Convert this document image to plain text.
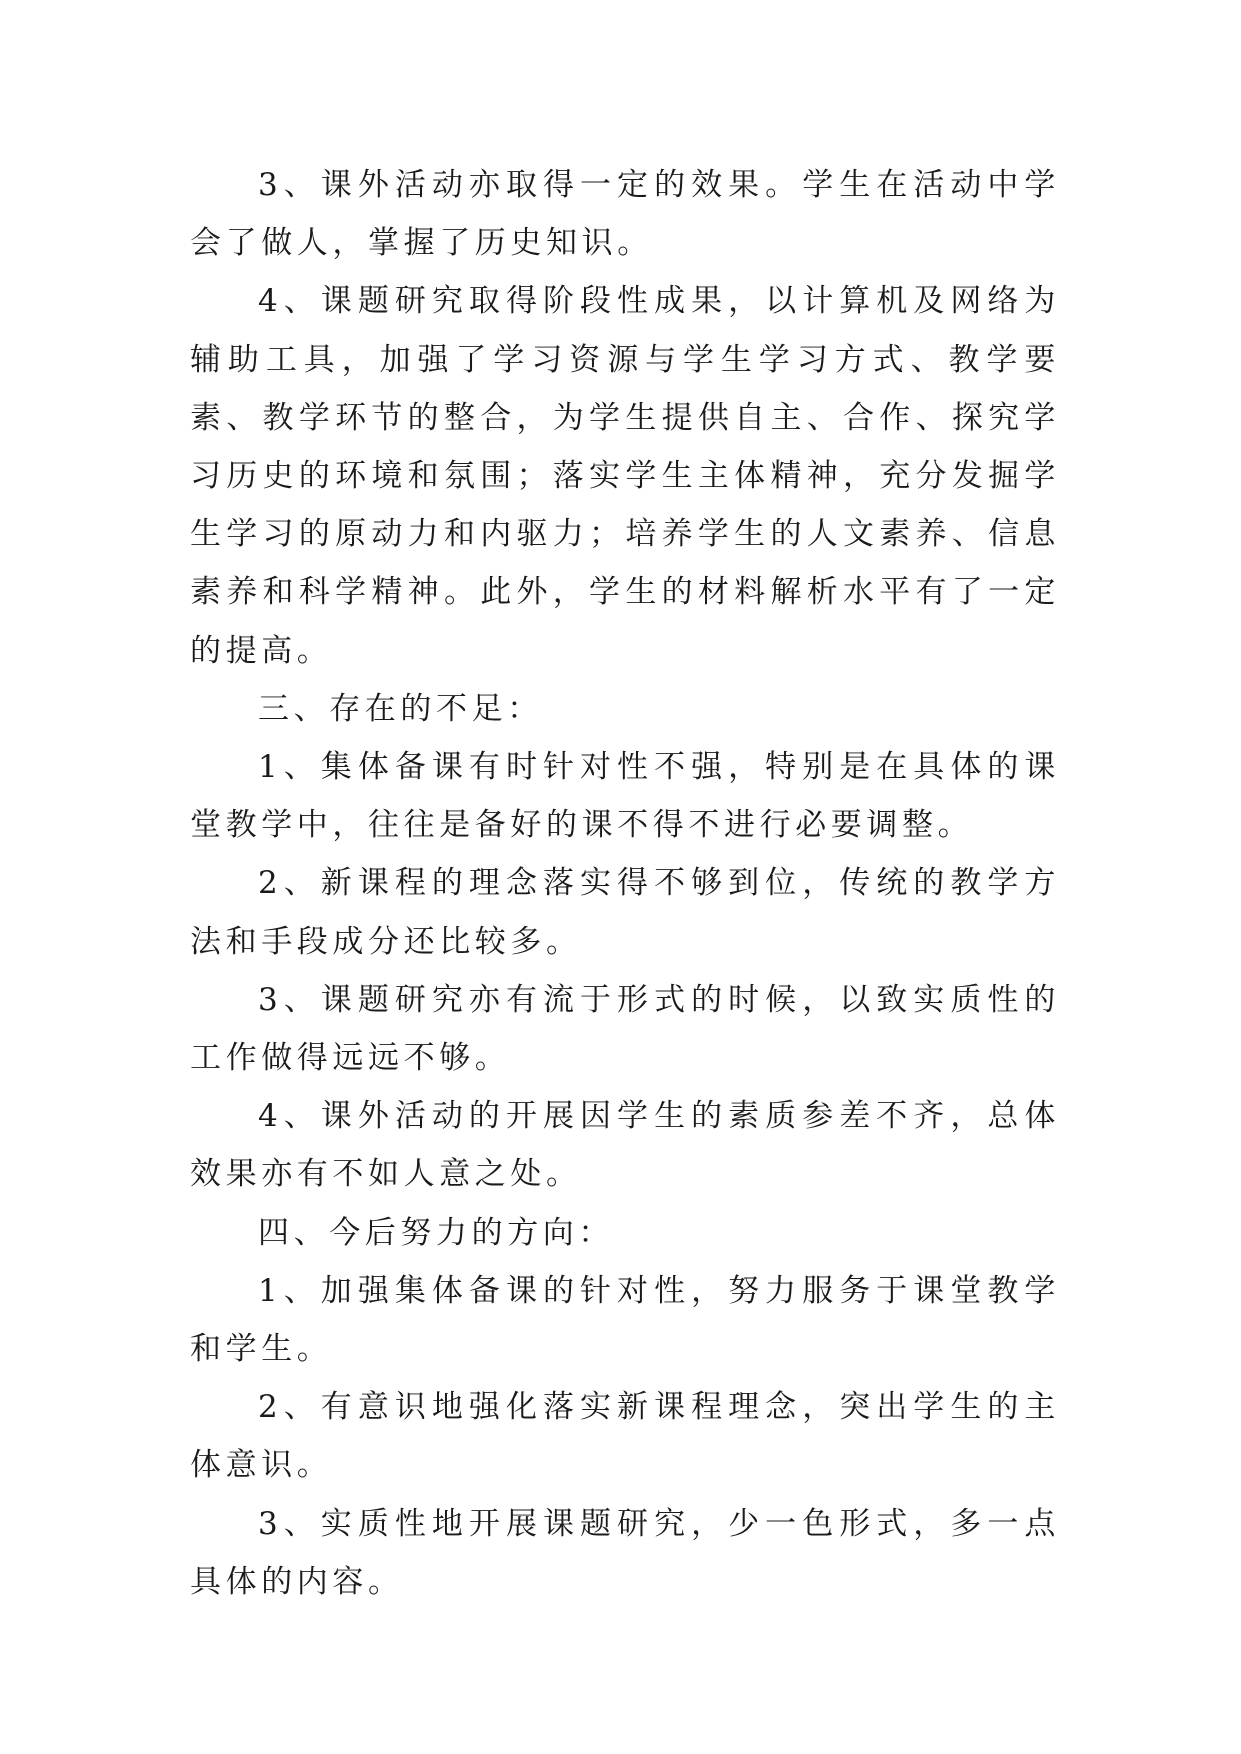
3、课外活动亦取得一定的效果。学生在活动中学会了做人，掌握了历史知识。

4、课题研究取得阶段性成果，以计算机及网络为辅助工具，加强了学习资源与学生学习方式、教学要素、教学环节的整合，为学生提供自主、合作、探究学习历史的环境和氛围；落实学生主体精神，充分发掘学生学习的原动力和内驱力；培养学生的人文素养、信息素养和科学精神。此外，学生的材料解析水平有了一定的提高。

三、存在的不足：

1、集体备课有时针对性不强，特别是在具体的课堂教学中，往往是备好的课不得不进行必要调整。

2、新课程的理念落实得不够到位，传统的教学方法和手段成分还比较多。

3、课题研究亦有流于形式的时候，以致实质性的工作做得远远不够。

4、课外活动的开展因学生的素质参差不齐，总体效果亦有不如人意之处。

四、今后努力的方向：

1、加强集体备课的针对性，努力服务于课堂教学和学生。

2、有意识地强化落实新课程理念，突出学生的主体意识。

3、实质性地开展课题研究，少一色形式，多一点具体的内容。
